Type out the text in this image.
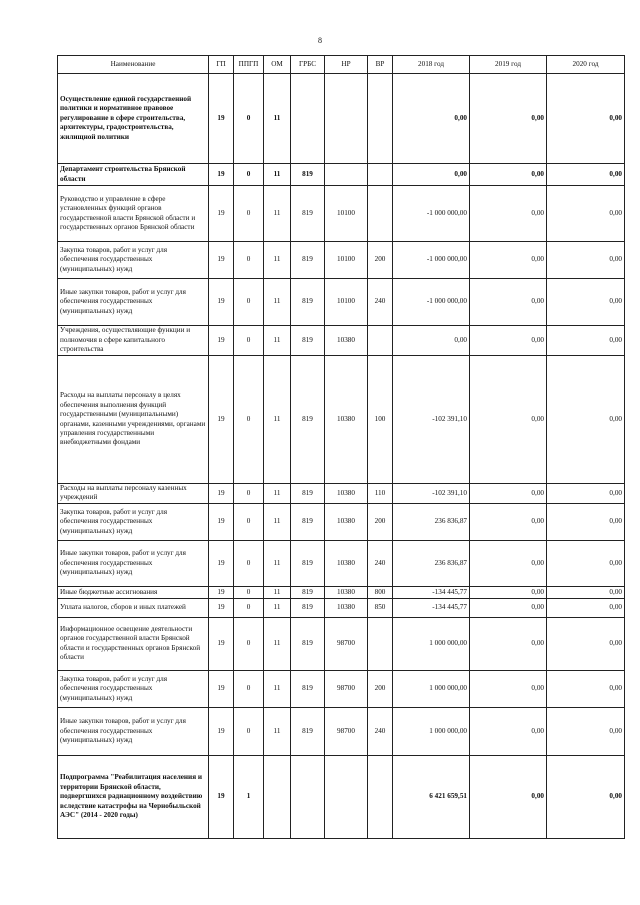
8
Наименование	ГП	ППГП	ОМ	ГРБС	НР	ВР	2018 год	2019 год	2020 год
Осуществление единой государственной политики и нормативное правовое регулирование в сфере строительства, архитектуры, градостроительства, жилищной политики	19	0	11				0,00	0,00	0,00
Департамент строительства Брянской области	19	0	11	819			0,00	0,00	0,00
Руководство и управление в сфере установленных функций органов государственной власти Брянской области и государственных органов Брянской области	19	0	11	819	10100		-1 000 000,00	0,00	0,00
Закупка товаров, работ и услуг для обеспечения государственных (муниципальных) нужд	19	0	11	819	10100	200	-1 000 000,00	0,00	0,00
Иные закупки товаров, работ и услуг для обеспечения государственных (муниципальных) нужд	19	0	11	819	10100	240	-1 000 000,00	0,00	0,00
Учреждения, осуществляющие функции и полномочия в сфере капитального строительства	19	0	11	819	10380		0,00	0,00	0,00
Расходы на выплаты персоналу в целях обеспечения выполнения функций государственными (муниципальными) органами, казенными учреждениями, органами управления государственными внебюджетными фондами	19	0	11	819	10380	100	-102 391,10	0,00	0,00
Расходы на выплаты персоналу казенных учреждений	19	0	11	819	10380	110	-102 391,10	0,00	0,00
Закупка товаров, работ и услуг для обеспечения государственных (муниципальных) нужд	19	0	11	819	10380	200	236 836,87	0,00	0,00
Иные закупки товаров, работ и услуг для обеспечения государственных (муниципальных) нужд	19	0	11	819	10380	240	236 836,87	0,00	0,00
Иные бюджетные ассигнования	19	0	11	819	10380	800	-134 445,77	0,00	0,00
Уплата налогов, сборов и иных платежей	19	0	11	819	10380	850	-134 445,77	0,00	0,00
Информационное освещение деятельности органов государственной власти Брянской области и государственных органов Брянской области	19	0	11	819	98700		1 000 000,00	0,00	0,00
Закупка товаров, работ и услуг для обеспечения государственных (муниципальных) нужд	19	0	11	819	98700	200	1 000 000,00	0,00	0,00
Иные закупки товаров, работ и услуг для обеспечения государственных (муниципальных) нужд	19	0	11	819	98700	240	1 000 000,00	0,00	0,00
Подпрограмма "Реабилитация населения и территории Брянской области, подвергшихся радиационному воздействию вследствие катастрофы на Чернобыльской АЭС" (2014 - 2020 годы)	19	1					6 421 659,51	0,00	0,00
